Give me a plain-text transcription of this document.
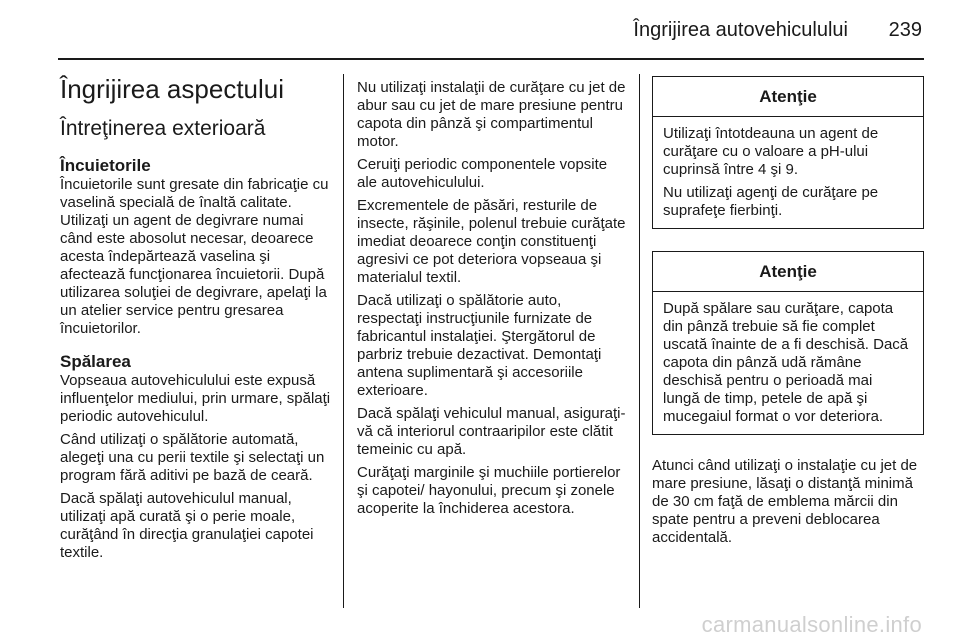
Îngrijirea autovehiculului 239
Îngrijirea aspectului
Întreţinerea exterioară
Încuietorile

Încuietorile sunt gresate din fabricaţie cu vaselină specială de înaltă calitate. Utilizaţi un agent de degivrare numai când este abosolut necesar, deoarece acesta îndepărtează vaselina şi afectează funcţionarea încuietorii. După utilizarea soluţiei de degivrare, apelaţi la un atelier service pentru gresarea încuietorilor.

Spălarea

Vopseaua autovehiculului este expusă influenţelor mediului, prin urmare, spălaţi periodic autovehiculul.

Când utilizaţi o spălătorie automată, alegeţi una cu perii textile şi selectaţi un program fără aditivi pe bază de ceară.

Dacă spălaţi autovehiculul manual, utilizaţi apă curată şi o perie moale, curăţând în direcţia granulaţiei capotei textile.

Nu utilizaţi instalaţii de curăţare cu jet de abur sau cu jet de mare presiune pentru capota din pânză şi compartimentul motor.

Ceruiţi periodic componentele vopsite ale autovehiculului.

Excrementele de păsări, resturile de insecte, răşinile, polenul trebuie curăţate imediat deoarece conţin constituenţi agresivi ce pot deteriora vopseaua şi materialul textil.

Dacă utilizaţi o spălătorie auto, respectaţi instrucţiunile furnizate de fabricantul instalaţiei. Ştergătorul de parbriz trebuie dezactivat. Demontaţi antena suplimentară şi accesoriile exterioare.

Dacă spălaţi vehiculul manual, asiguraţi-vă că interiorul contraaripilor este clătit temeinic cu apă.

Curăţaţi marginile şi muchiile portierelor şi capotei/ hayonului, precum şi zonele acoperite la închiderea acestora.

Atenţie

Utilizaţi întotdeauna un agent de curăţare cu o valoare a pH-ului cuprinsă între 4 şi 9.

Nu utilizaţi agenţi de curăţare pe suprafeţe fierbinţi.

Atenţie

După spălare sau curăţare, capota din pânză trebuie să fie complet uscată înainte de a fi deschisă. Dacă capota din pânză udă rămâne deschisă pentru o perioadă mai lungă de timp, petele de apă şi mucegaiul format o vor deteriora.

Atunci când utilizaţi o instalaţie cu jet de mare presiune, lăsaţi o distanţă minimă de 30 cm faţă de emblema mărcii din spate pentru a preveni deblocarea accidentală.

carmanualsonline.info
